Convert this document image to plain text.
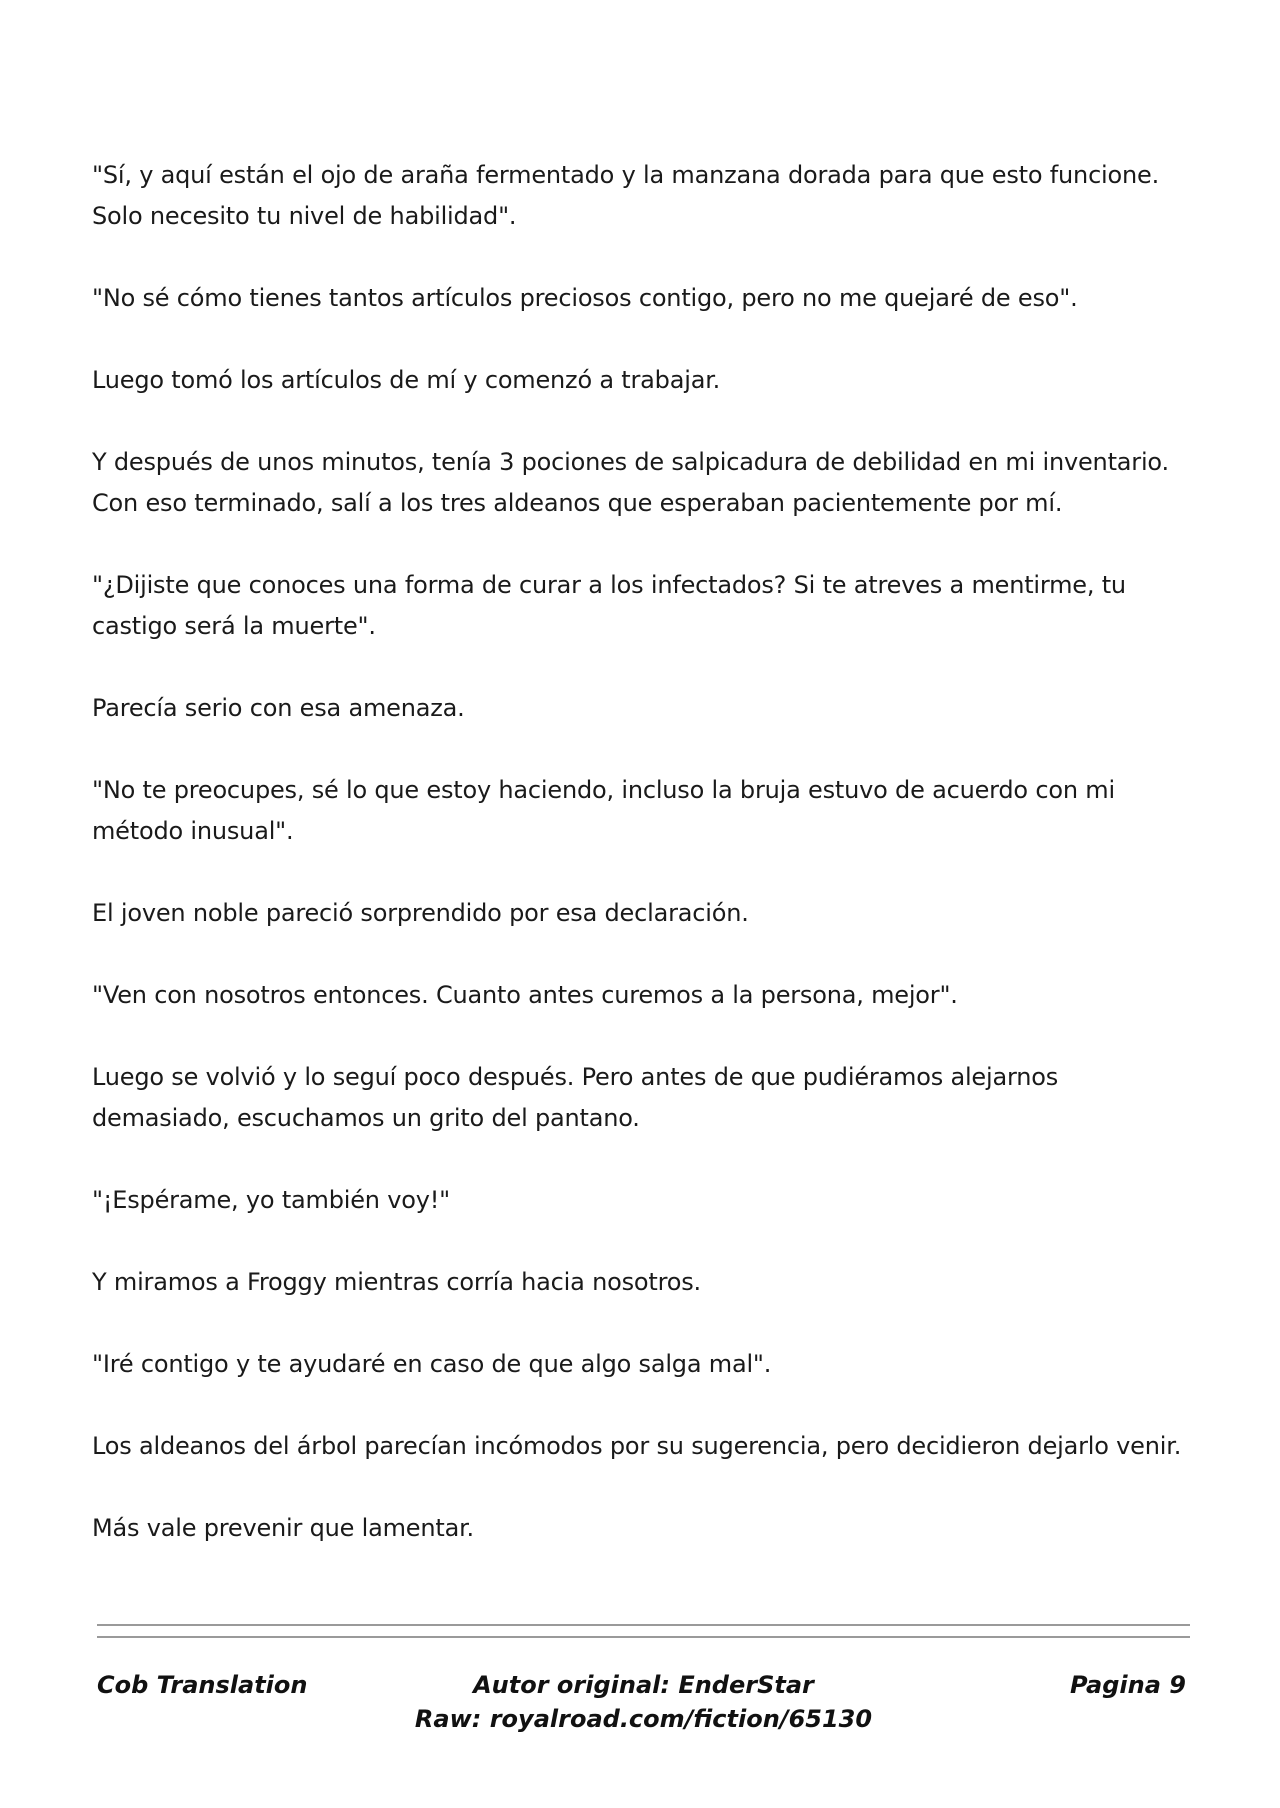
"Sí, y aquí están el ojo de araña fermentado y la manzana dorada para que esto funcione. Solo necesito tu nivel de habilidad".

"No sé cómo tienes tantos artículos preciosos contigo, pero no me quejaré de eso".

Luego tomó los artículos de mí y comenzó a trabajar.

Y después de unos minutos, tenía 3 pociones de salpicadura de debilidad en mi inventario. Con eso terminado, salí a los tres aldeanos que esperaban pacientemente por mí.

"¿Dijiste que conoces una forma de curar a los infectados? Si te atreves a mentirme, tu castigo será la muerte".

Parecía serio con esa amenaza.

"No te preocupes, sé lo que estoy haciendo, incluso la bruja estuvo de acuerdo con mi método inusual".

El joven noble pareció sorprendido por esa declaración.

"Ven con nosotros entonces. Cuanto antes curemos a la persona, mejor".

Luego se volvió y lo seguí poco después. Pero antes de que pudiéramos alejarnos demasiado, escuchamos un grito del pantano.

"¡Espérame, yo también voy!"

Y miramos a Froggy mientras corría hacia nosotros.

"Iré contigo y te ayudaré en caso de que algo salga mal".

Los aldeanos del árbol parecían incómodos por su sugerencia, pero decidieron dejarlo venir.

Más vale prevenir que lamentar.

Cob Translation	Autor original: EnderStar
Raw: royalroad.com/fiction/65130
Pagina 9
